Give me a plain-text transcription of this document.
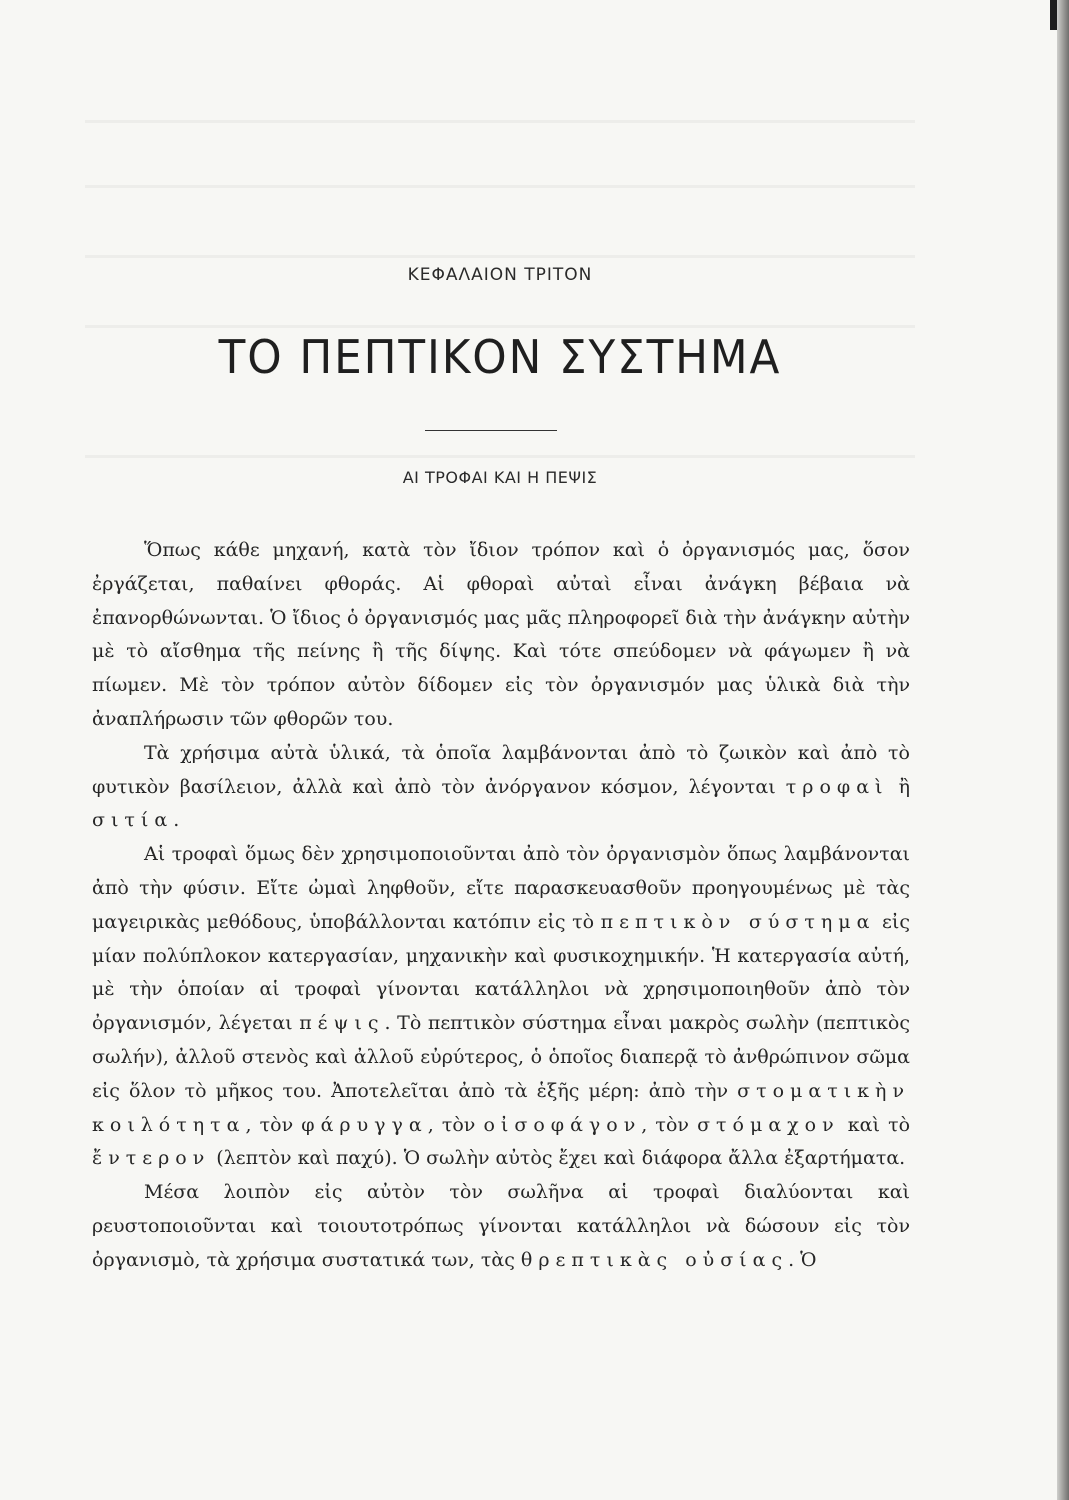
ΚΕΦΑΛΑΙΟΝ ΤΡΙΤΟΝ
ΤΟ ΠΕΠΤΙΚΟΝ ΣΥΣΤΗΜΑ
ΑΙ ΤΡΟΦΑΙ ΚΑΙ Η ΠΕΨΙΣ

Ὅπως κάθε μηχανή, κατὰ τὸν ἴδιον τρόπον καὶ ὁ ὀργανισμός μας, ὅσον ἐργάζεται, παθαίνει φθοράς. Αἱ φθοραὶ αὐταὶ εἶναι ἀνάγκη βέβαια νὰ ἐπανορθώνωνται. Ὁ ἴδιος ὁ ὀργανισμός μας μᾶς πληροφορεῖ διὰ τὴν ἀνάγκην αὐτὴν μὲ τὸ αἴσθημα τῆς πείνης ἢ τῆς δίψης. Καὶ τότε σπεύδομεν νὰ φάγωμεν ἢ νὰ πίωμεν. Μὲ τὸν τρόπον αὐτὸν δίδομεν εἰς τὸν ὀργανισμόν μας ὑλικὰ διὰ τὴν ἀναπλήρωσιν τῶν φθορῶν του.

Τὰ χρήσιμα αὐτὰ ὑλικά, τὰ ὁποῖα λαμβάνονται ἀπὸ τὸ ζωικὸν καὶ ἀπὸ τὸ φυτικὸν βασίλειον, ἀλλὰ καὶ ἀπὸ τὸν ἀνόργανον κόσμον, λέγονται τροφαὶ ἢ σιτία.

Αἱ τροφαὶ ὅμως δὲν χρησιμοποιοῦνται ἀπὸ τὸν ὀργανισμὸν ὅπως λαμβάνονται ἀπὸ τὴν φύσιν. Εἴτε ὠμαὶ ληφθοῦν, εἴτε παρασκευασθοῦν προηγουμένως μὲ τὰς μαγειρικὰς μεθόδους, ὑποβάλλονται κατόπιν εἰς τὸ πεπτικὸν σύστημα εἰς μίαν πολύπλοκον κατεργασίαν, μηχανικὴν καὶ φυσικοχημικήν. Ἡ κατεργασία αὐτή, μὲ τὴν ὁποίαν αἱ τροφαὶ γίνονται κατάλληλοι νὰ χρησιμοποιηθοῦν ἀπὸ τὸν ὀργανισμόν, λέγεται πέψις. Τὸ πεπτικὸν σύστημα εἶναι μακρὸς σωλὴν (πεπτικὸς σωλήν), ἀλλοῦ στενὸς καὶ ἀλλοῦ εὐρύτερος, ὁ ὁποῖος διαπερᾷ τὸ ἀνθρώπινον σῶμα εἰς ὅλον τὸ μῆκος του. Ἀποτελεῖται ἀπὸ τὰ ἑξῆς μέρη: ἀπὸ τὴν στοματικὴν κοιλότητα, τὸν φάρυγγα, τὸν οἰσοφάγον, τὸν στόμαχον καὶ τὸ ἔντερον (λεπτὸν καὶ παχύ). Ὁ σωλὴν αὐτὸς ἔχει καὶ διάφορα ἄλλα ἐξαρτήματα.

Μέσα λοιπὸν εἰς αὐτὸν τὸν σωλῆνα αἱ τροφαὶ διαλύονται καὶ ρευστοποιοῦνται καὶ τοιουτοτρόπως γίνονται κατάλληλοι νὰ δώσουν εἰς τὸν ὀργανισμὸ, τὰ χρήσιμα συστατικά των, τὰς θρεπτικὰς οὐσίας. Ὁ
